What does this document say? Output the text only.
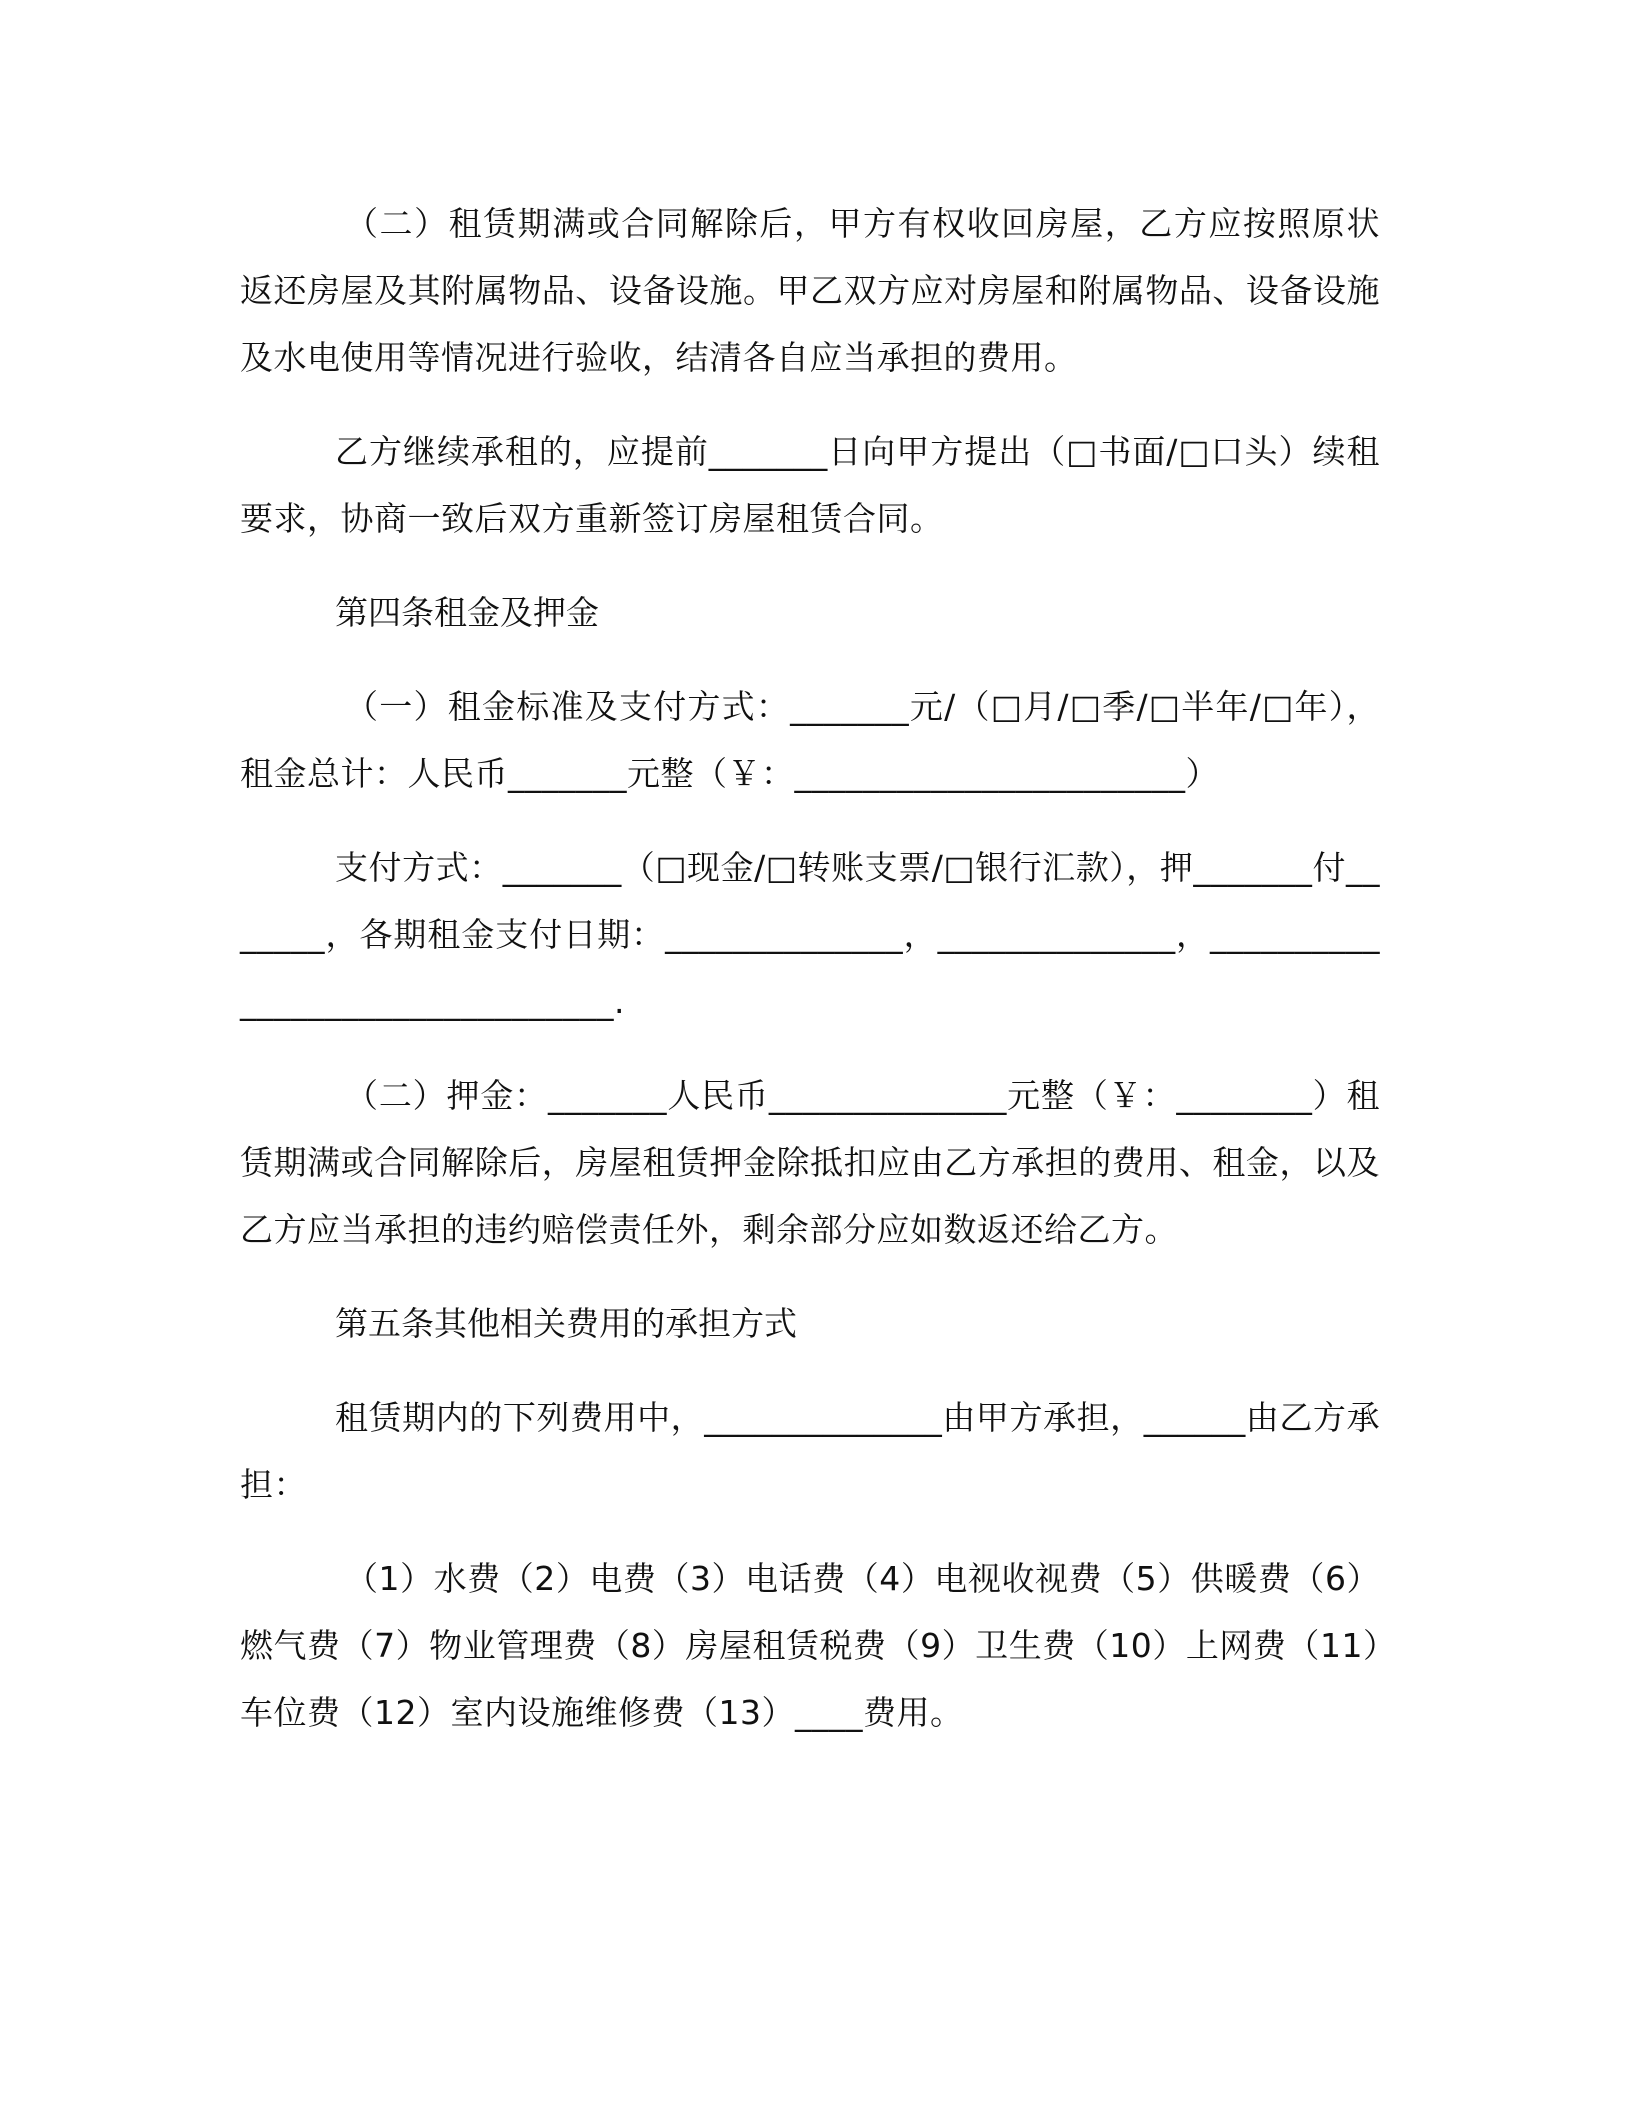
（二）租赁期满或合同解除后，甲方有权收回房屋，乙方应按照原状返还房屋及其附属物品、设备设施。甲乙双方应对房屋和附属物品、设备设施及水电使用等情况进行验收，结清各自应当承担的费用。

乙方继续承租的，应提前_______日向甲方提出（□书面/□口头）续租要求，协商一致后双方重新签订房屋租赁合同。

第四条租金及押金

（一）租金标准及支付方式：_______元/（□月/□季/□半年/□年），租金总计：人民币_______元整（￥：_______________________）

支付方式：_______（□现金/□转账支票/□银行汇款），押_______付_______，各期租金支付日期：______________，______________，________________________________.

（二）押金：_______人民币______________元整（￥：________）租赁期满或合同解除后，房屋租赁押金除抵扣应由乙方承担的费用、租金，以及乙方应当承担的违约赔偿责任外，剩余部分应如数返还给乙方。

第五条其他相关费用的承担方式

租赁期内的下列费用中，______________由甲方承担，______由乙方承担：

（1）水费（2）电费（3）电话费（4）电视收视费（5）供暖费（6）燃气费（7）物业管理费（8）房屋租赁税费（9）卫生费（10）上网费（11）车位费（12）室内设施维修费（13）____费用。
